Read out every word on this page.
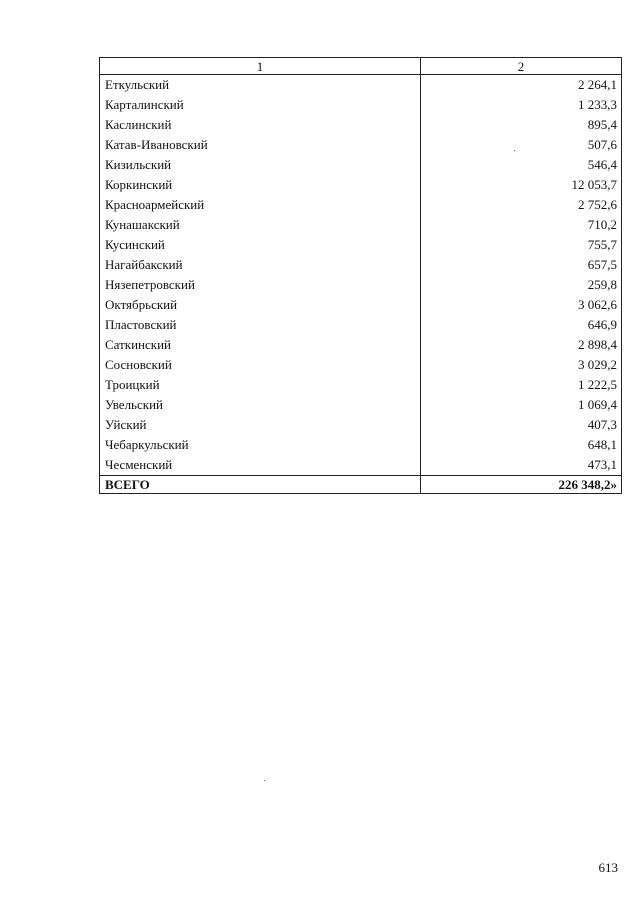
1	2
Еткульский	2 264,1
Карталинский	1 233,3
Каслинский	895,4
Катав-Ивановский	507,6
Кизильский	546,4
Коркинский	12 053,7
Красноармейский	2 752,6
Кунашакский	710,2
Кусинский	755,7
Нагайбакский	657,5
Нязепетровский	259,8
Октябрьский	3 062,6
Пластовский	646,9
Саткинский	2 898,4
Сосновский	3 029,2
Троицкий	1 222,5
Увельский	1 069,4
Уйский	407,3
Чебаркульский	648,1
Чесменский	473,1
ВСЕГО	226 348,2»
613
